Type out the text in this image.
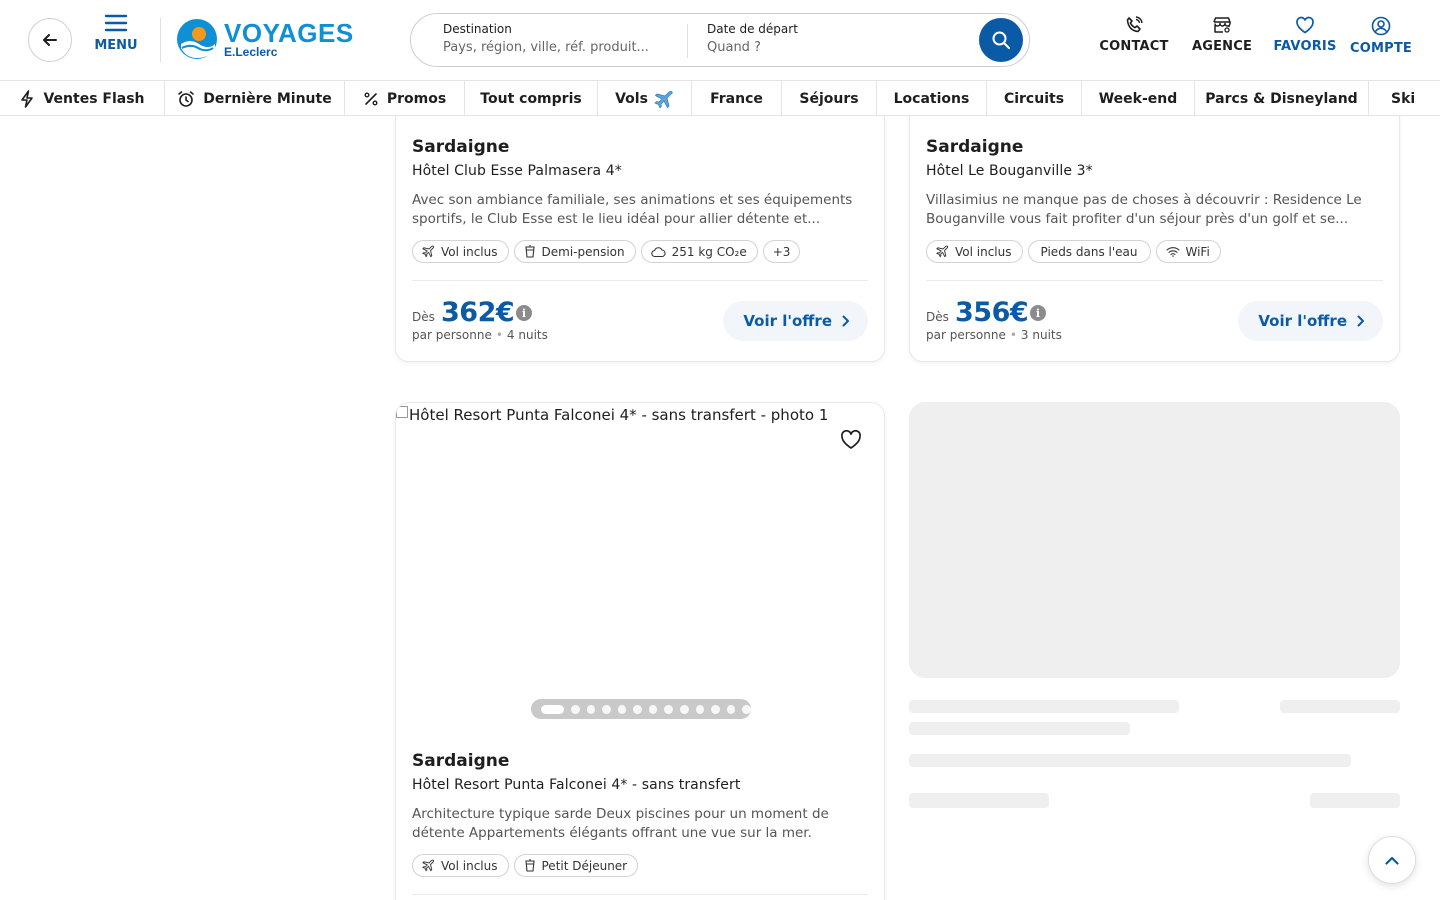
MENU	VOYAGES
E.Leclerc
Destination
Pays, région, ville, réf. produit...	Date de départ
Quand ?
CONTACT AGENCE FAVORIS COMPTE
Ventes Flash	Dernière Minute	Promos Tout compris Vols	France	Séjours	Locations Circuits Week-end Parcs & Disneyland Ski
Sardaigne
Hôtel Club Esse Palmasera 4*
Avec son ambiance familiale, ses animations et ses équipements sportifs, le Club Esse est le lieu idéal pour allier détente et...
Vol inclus	Demi-pension	251 kg CO₂e +3
Dès 362€ i
par personne • 4 nuits
Voir l'offre
Sardaigne
Hôtel Le Bouganville 3*
Villasimius ne manque pas de choses à découvrir : Residence Le Bouganville vous fait profiter d'un séjour près d'un golf et se...
Vol inclus Pieds dans l'eau	WiFi
Dès 356€ i
par personne • 3 nuits
Voir l'offre
Hôtel Resort Punta Falconei 4* - sans transfert - photo 1
Sardaigne
Hôtel Resort Punta Falconei 4* - sans transfert
Architecture typique sarde Deux piscines pour un moment de détente Appartements élégants offrant une vue sur la mer.
Vol inclus	Petit Déjeuner
